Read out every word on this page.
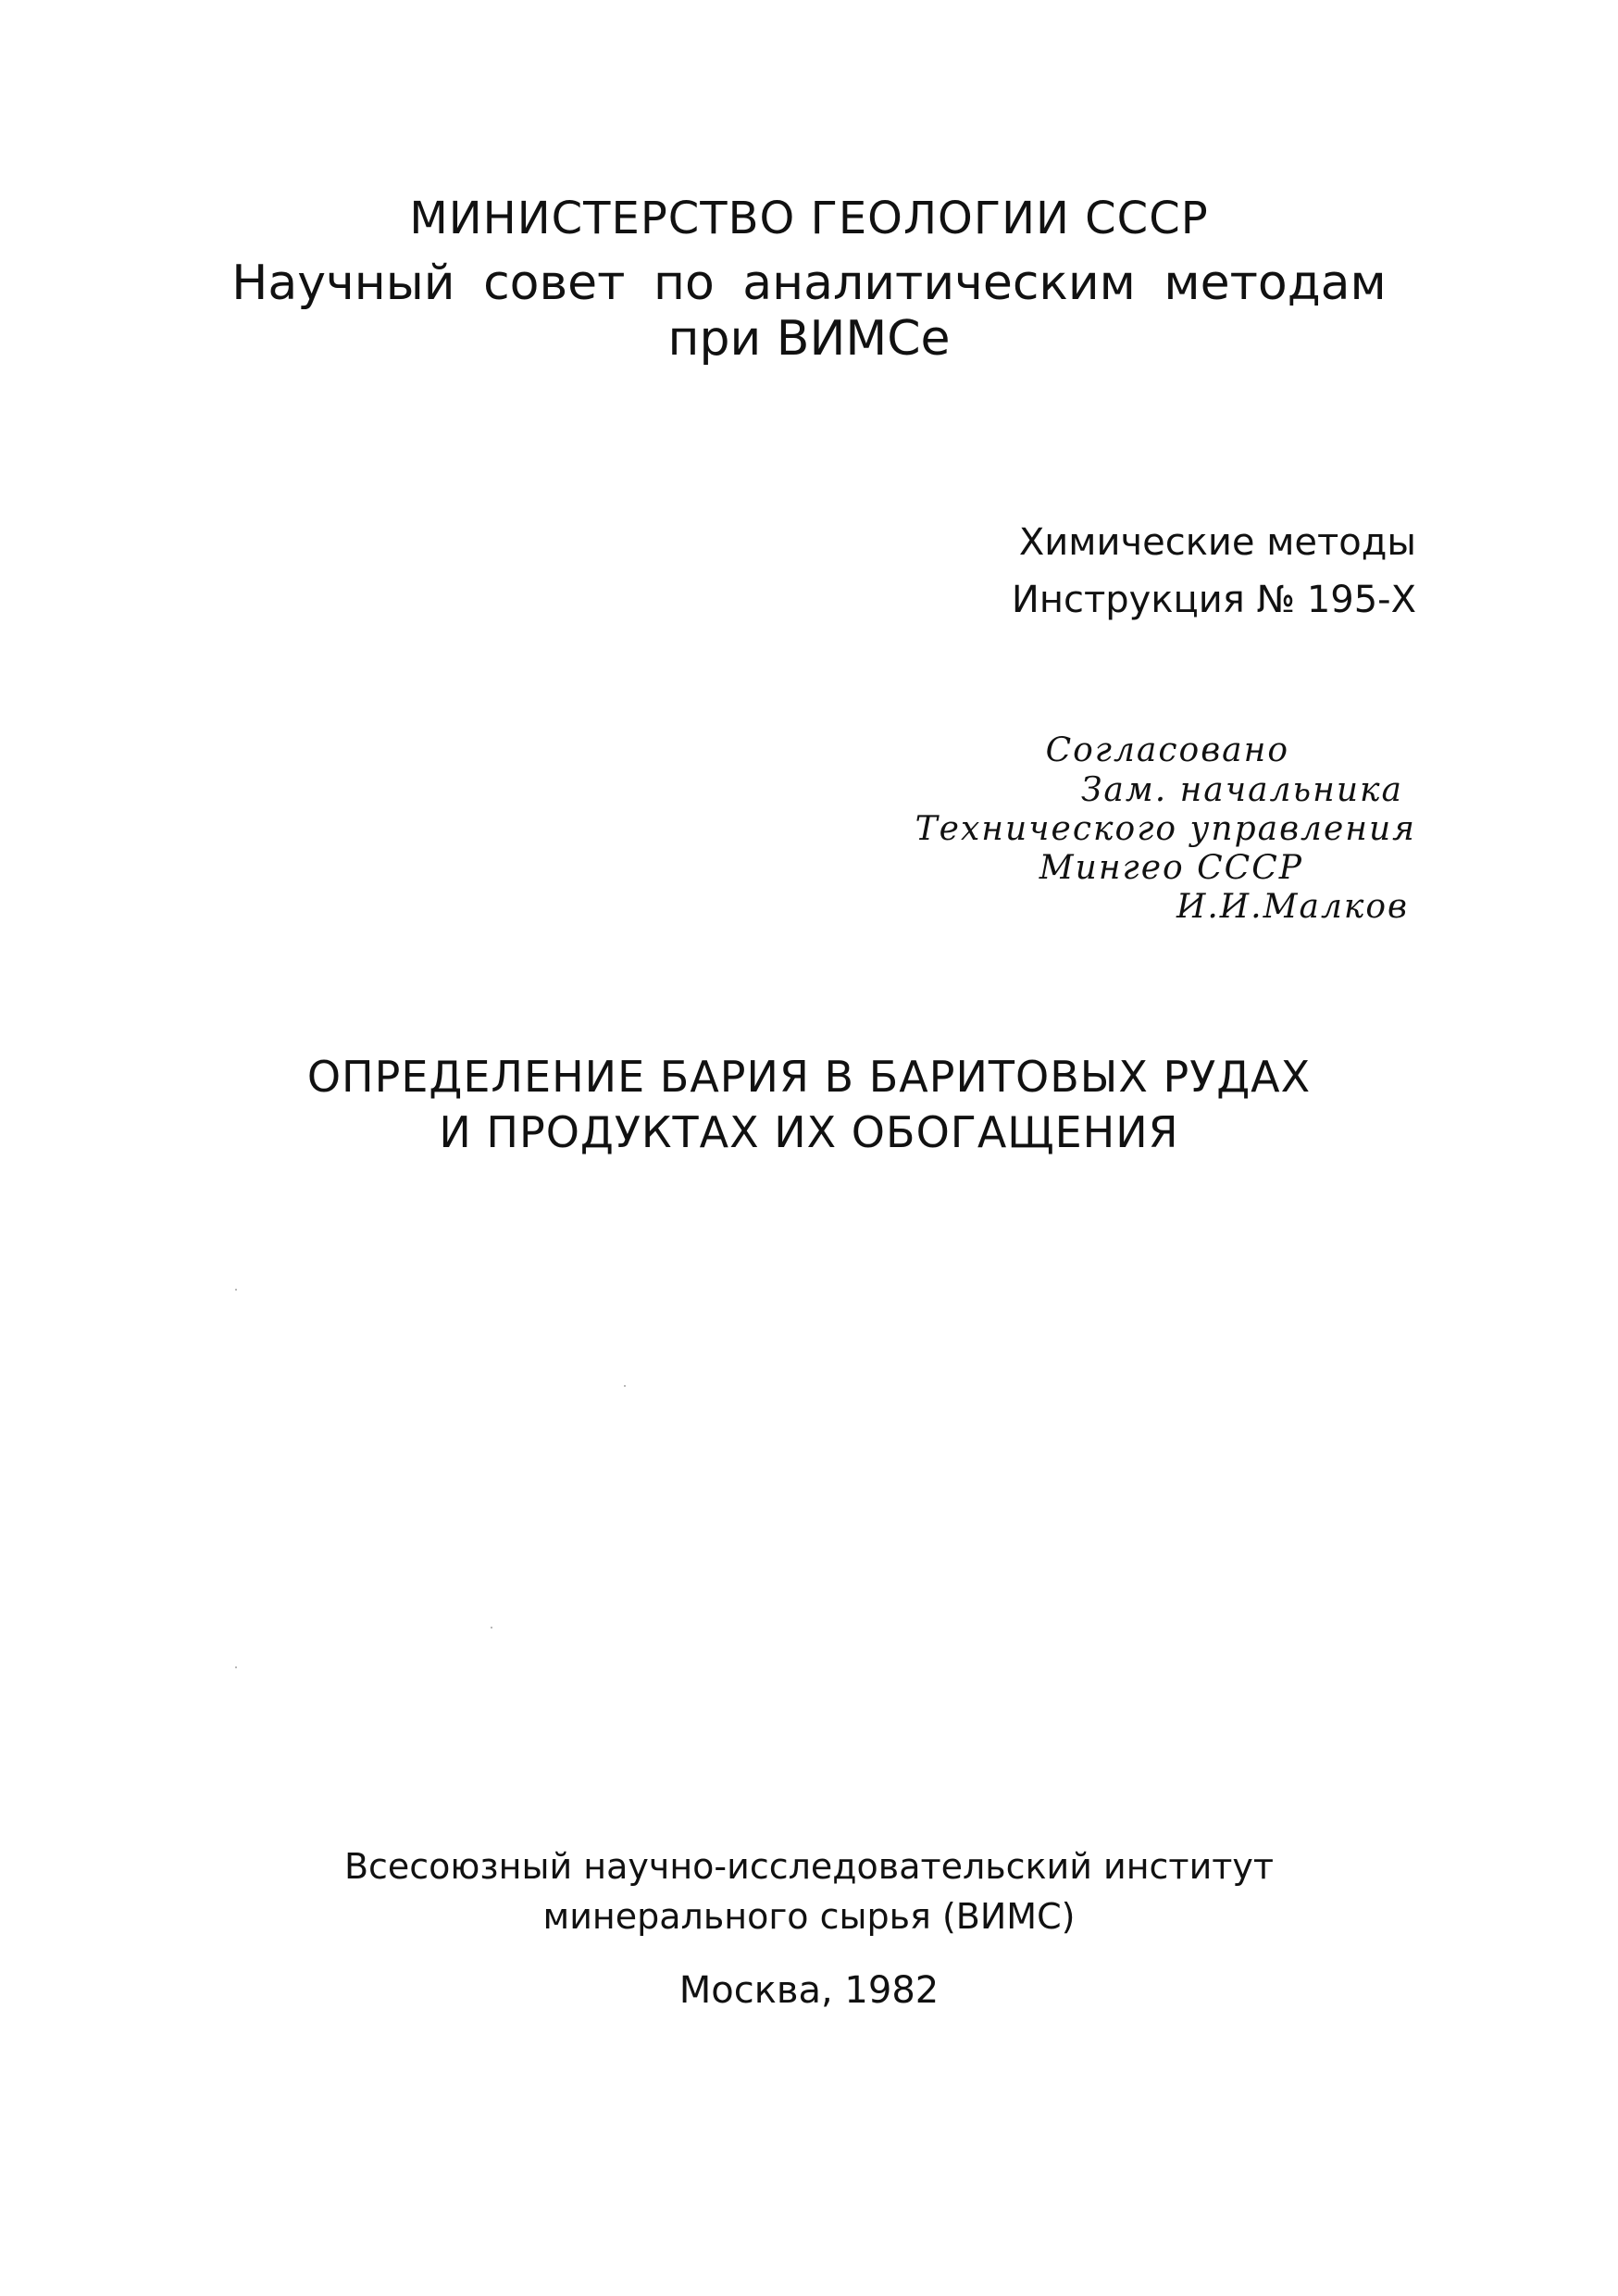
МИНИСТЕРСТВО ГЕОЛОГИИ СССР
Научный совет по аналитическим методам
при ВИМСе
Химические методы
Инструкция № 195-Х
Согласовано
Зам. начальника
Технического управления
Мингео СССР
И.И.Малков
ОПРЕДЕЛЕНИЕ БАРИЯ В БАРИТОВЫХ РУДАХ
И ПРОДУКТАХ ИХ ОБОГАЩЕНИЯ
Всесоюзный научно-исследовательский институт
минерального сырья (ВИМС)
Москва, 1982
